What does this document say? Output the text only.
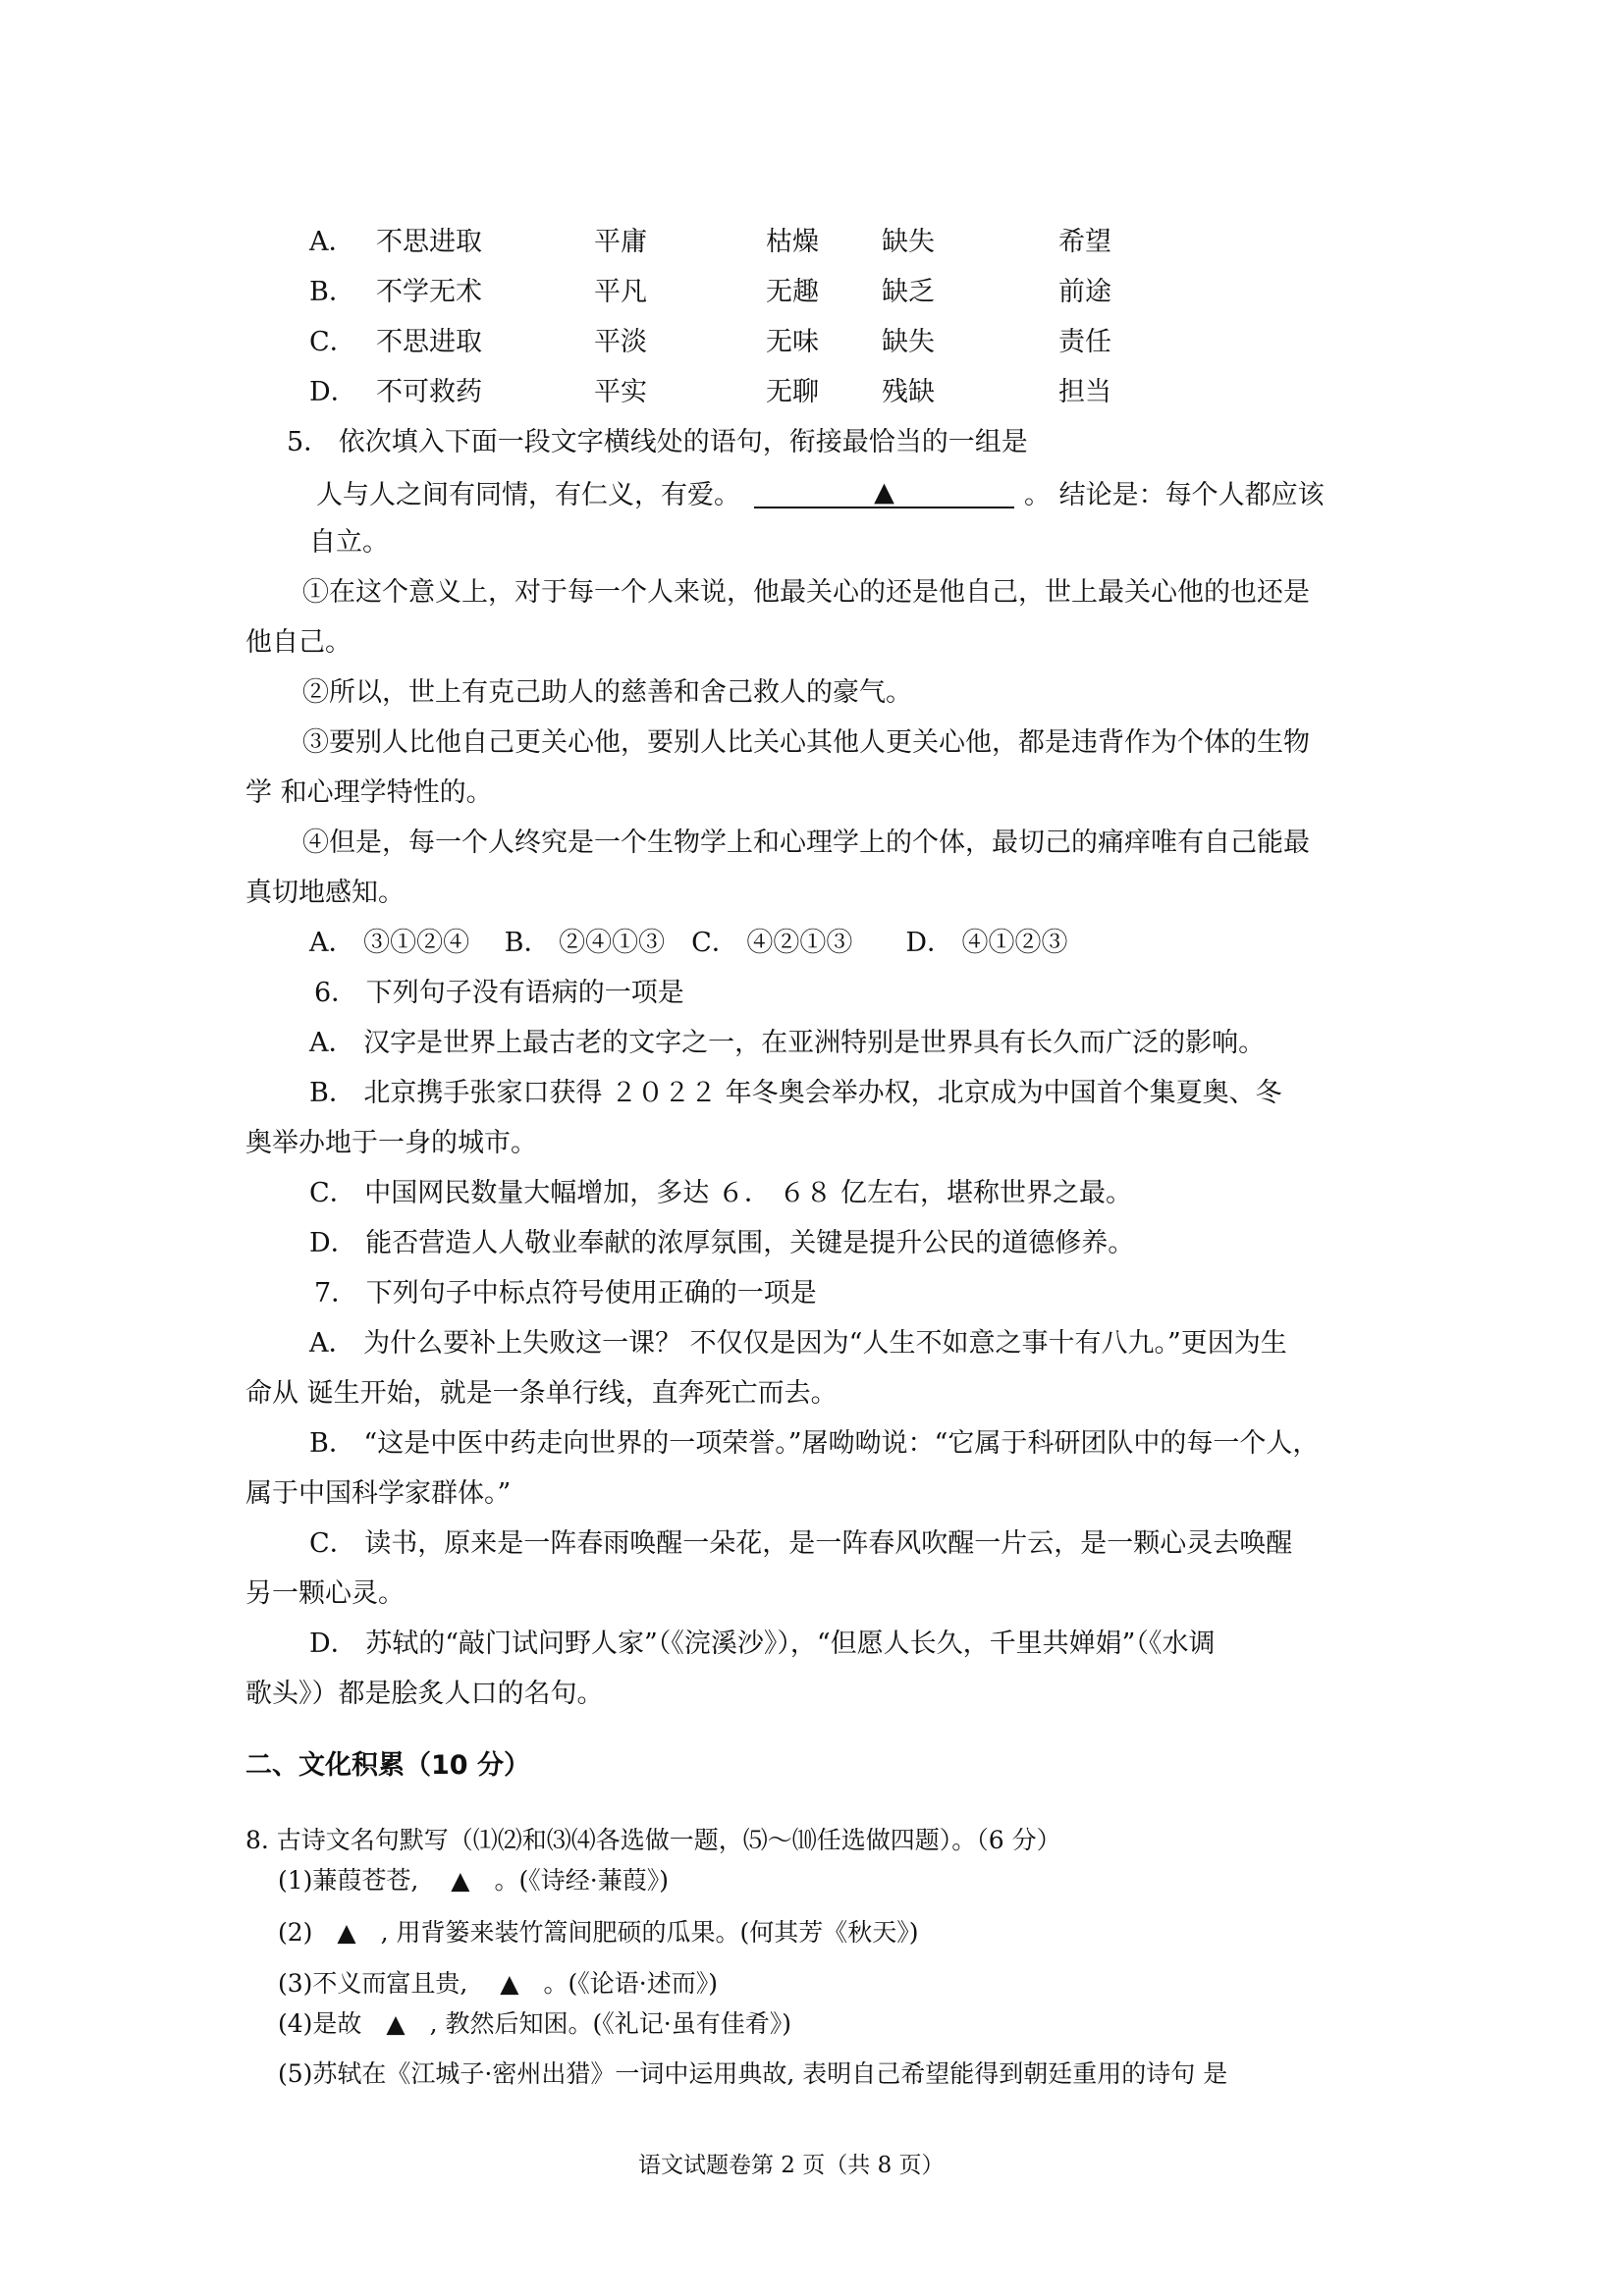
A． 不思进取	平庸	枯燥 缺失	希望
B． 不学无术	平凡	无趣 缺乏	前途
C． 不思进取	平淡	无味 缺失	责任
D． 不可救药	平实	无聊 残缺	担当
5． 依次填入下面一段文字横线处的语句，衔接最恰当的一组是
人与人之间有同情，有仁义，有爱。	▲	。 结论是：每个人都应该
自立。
①在这个意义上，对于每一个人来说，他最关心的还是他自己，世上最关心他的也还是
他自己。
②所以，世上有克己助人的慈善和舍己救人的豪气。
③要别人比他自己更关心他，要别人比关心其他人更关心他，都是违背作为个体的生物
学 和心理学特性的。
④但是，每一个人终究是一个生物学上和心理学上的个体，最切己的痛痒唯有自己能最
真切地感知。
A． ③①②④　 B． ②④①③　C． ④②①③　　D． ④①②③
6． 下列句子没有语病的一项是
A． 汉字是世界上最古老的文字之一，在亚洲特别是世界具有长久而广泛的影响。
B． 北京携手张家口获得 ２０２２ 年冬奥会举办权，北京成为中国首个集夏奥、冬
奥举办地于一身的城市。
C． 中国网民数量大幅增加，多达 ６． ６８ 亿左右，堪称世界之最。
D． 能否营造人人敬业奉献的浓厚氛围，关键是提升公民的道德修养。
7． 下列句子中标点符号使用正确的一项是
A． 为什么要补上失败这一课？ 不仅仅是因为“人生不如意之事十有八九。”更因为生
命从 诞生开始，就是一条单行线，直奔死亡而去。
B． “这是中医中药走向世界的一项荣誉。”屠呦呦说：“它属于科研团队中的每一个人，
属于中国科学家群体。”
C． 读书，原来是一阵春雨唤醒一朵花，是一阵春风吹醒一片云，是一颗心灵去唤醒
另一颗心灵。
D． 苏轼的“敲门试问野人家”（《浣溪沙》），“但愿人长久，千里共婵娟”（《水调
歌头》）都是脍炙人口的名句。
二、文化积累（10 分）
8. 古诗文名句默写（⑴⑵和⑶⑷各选做一题，⑸～⑽任选做四题）。（6 分）
(1)蒹葭苍苍, 　▲　。(《诗经·蒹葭》)
(2)　▲　, 用背篓来装竹篙间肥硕的瓜果。(何其芳《秋天》)
(3)不义而富且贵, 　▲　。(《论语·述而》)
(4)是故　▲　, 教然后知困。(《礼记·虽有佳肴》)
(5)苏轼在《江城子·密州出猎》一词中运用典故, 表明自己希望能得到朝廷重用的诗句 是
语文试题卷第 2 页（共 8 页）
